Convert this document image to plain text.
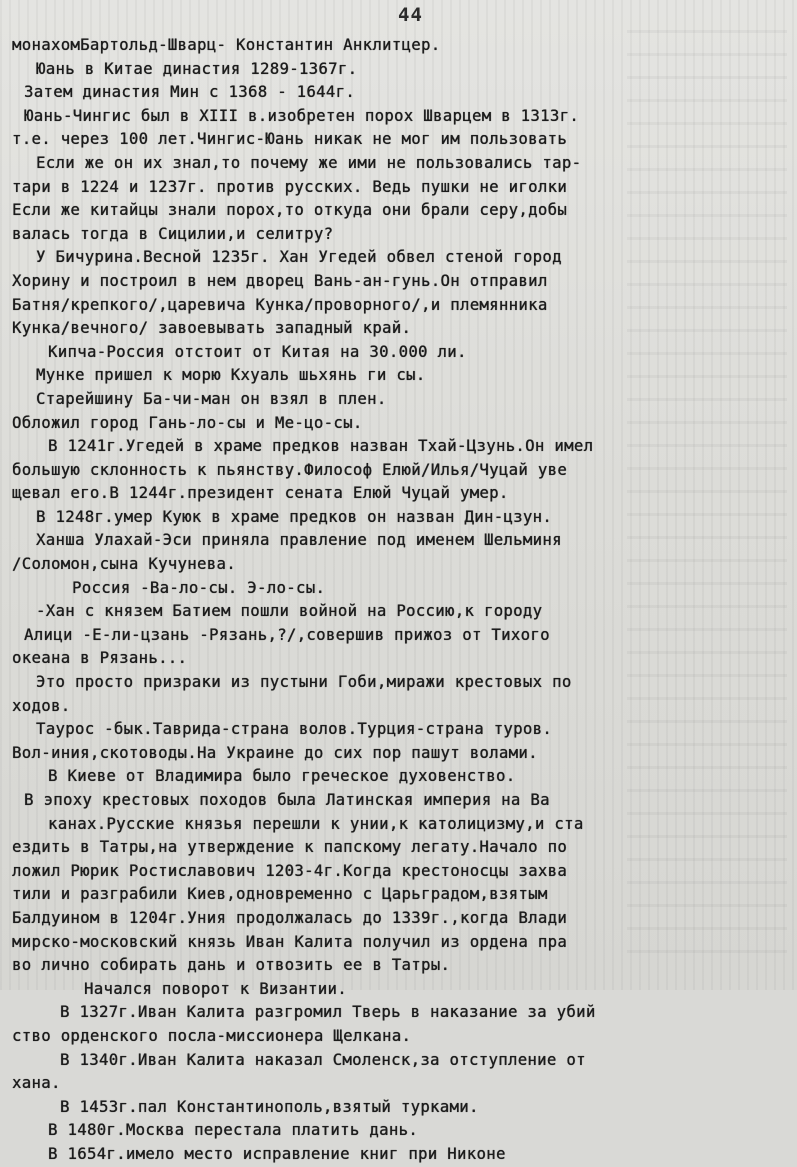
44
монахомБартольд-Шварц- Константин Анклитцер.
Юань в Китае династия 1289-1367г.
Затем династия Мин с 1368 - 1644г.
Юань-Чингис был в XIII в.изобретен порох Шварцем в 1313г.
т.е. через 100 лет.Чингис-Юань никак не мог им пользовать
Если же он их знал,то почему же ими не пользовались тар-
тари в 1224 и 1237г. против русских. Ведь пушки не иголки
Если же китайцы знали порох,то откуда они брали серу,добы
валась тогда в Сицилии,и селитру?
У Бичурина.Весной 1235г. Хан Угедей обвел стеной город
Хорину и построил в нем дворец Вань-ан-гунь.Он отправил
Батня/крепкого/,царевича Кунка/проворного/,и племянника
Кунка/вечного/ завоевывать западный край.
Кипча-Россия отстоит от Китая на 30.000 ли.
Мунке пришел к морю Кхуаль шьхянь ги сы.
Старейшину Ба-чи-ман он взял в плен.
Обложил город Гань-ло-сы и Ме-цо-сы.
В 1241г.Угедей в храме предков назван Тхай-Цзунь.Он имел
большую склонность к пьянству.Философ Елюй/Илья/Чуцай уве
щевал его.В 1244г.президент сената Елюй Чуцай умер.
В 1248г.умер Куюк в храме предков он назван Дин-цзун.
Ханша Улахай-Эси приняла правление под именем Шельминя
/Соломон,сына Кучунева.
Россия -Ва-ло-сы. Э-ло-сы.
-Хан с князем Батием пошли войной на Россию,к городу
Алици -Е-ли-цзань -Рязань,?/,совершив прижоз от Тихого
океана в Рязань...
Это просто призраки из пустыни Гоби,миражи крестовых по
ходов.
Таурос -бык.Таврида-страна волов.Турция-страна туров.
Вол-иния,скотоводы.На Украине до сих пор пашут волами.
В Киеве от Владимира было греческое духовенство.
В эпоху крестовых походов была Латинская империя на Ва
канах.Русские князья перешли к унии,к католицизму,и ста
ездить в Татры,на утверждение к папскому легату.Начало по
ложил Рюрик Ростиславович 1203-4г.Когда крестоносцы захва
тили и разграбили Киев,одновременно с Царьградом,взятым
Балдуином в 1204г.Уния продолжалась до 1339г.,когда Влади
мирско-московский князь Иван Калита получил из ордена пра
во лично собирать дань и отвозить ее в Татры.
Начался поворот к Византии.
В 1327г.Иван Калита разгромил Тверь в наказание за убий
ство орденского посла-миссионера Щелкана.
В 1340г.Иван Калита наказал Смоленск,за отступление от
хана.
В 1453г.пал Константинополь,взятый турками.
В 1480г.Москва перестала платить дань.
В 1654г.имело место исправление книг при Никоне
